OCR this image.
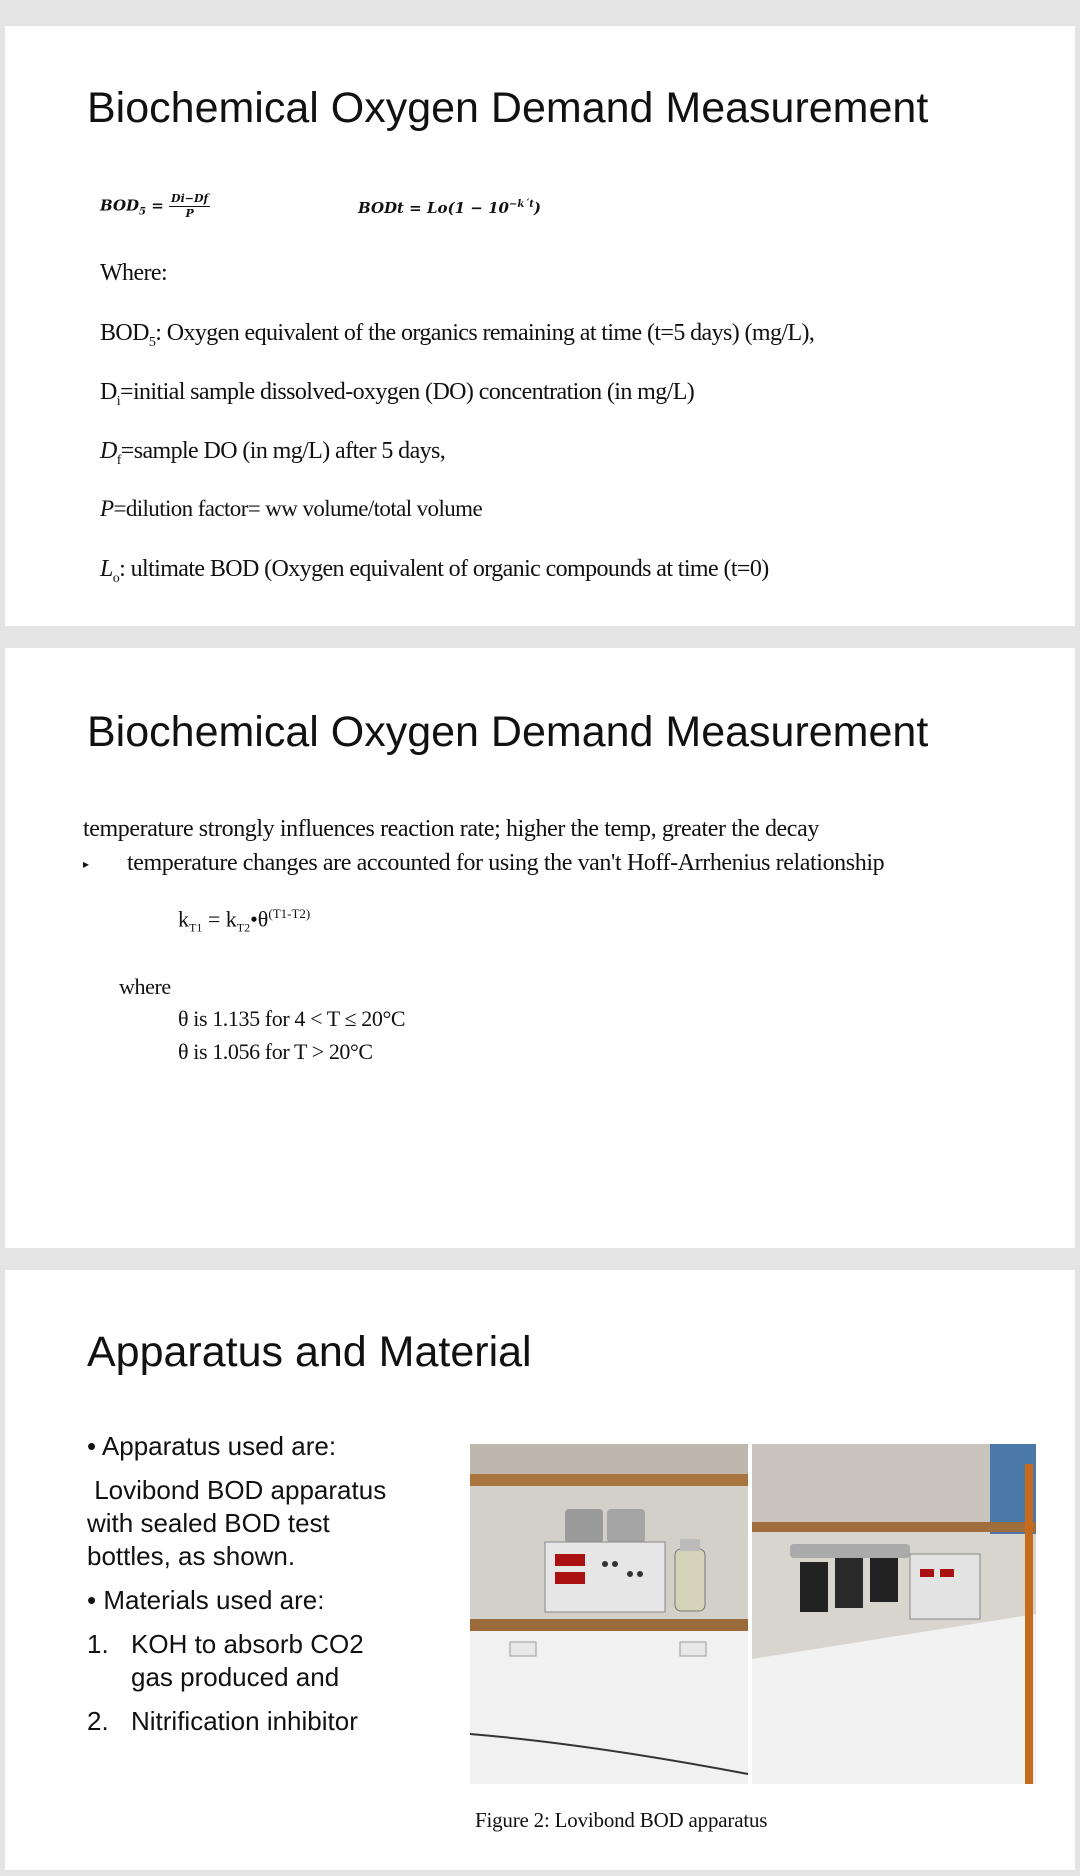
Biochemical Oxygen Demand Measurement
$BOD_5 = \frac{Di-Df}{P}$	BODt = $Lo(1 - 10^{-k´t})$
Where:
$BOD_5$: Oxygen equivalent of the organics remaining at time (t=5 days) (mg/L),
$D_i=initial$ sample dissolved-oxygen (DO) concentration (in mg/L)
$D_f=sample$ DO (in mg/L) after 5 days,
P=dilution factor= ww volume/total volume
$L_o$: ultimate BOD (Oxygen equivalent of organic compounds at time (t=0)
Biochemical Oxygen Demand Measurement
temperature strongly influences reaction rate; higher the temp, greater the decay
▸ temperature changes are accounted for using the van't Hoff-Arrhenius relationship
$k_{T1}$ = $k_{T2}•\theta^{(T1-T2)}$
where
θ is 1.135 for 4 < T ≤ 20°C
θ is 1.056 for T > 20°C
Apparatus and Material
• Apparatus used are:
Lovibond BOD apparatus
with sealed BOD test
bottles, as shown.
• Materials used are:
1. KOH to absorb CO2
gas produced and
2. Nitrification inhibitor
Figure 2: Lovibond BOD apparatus
